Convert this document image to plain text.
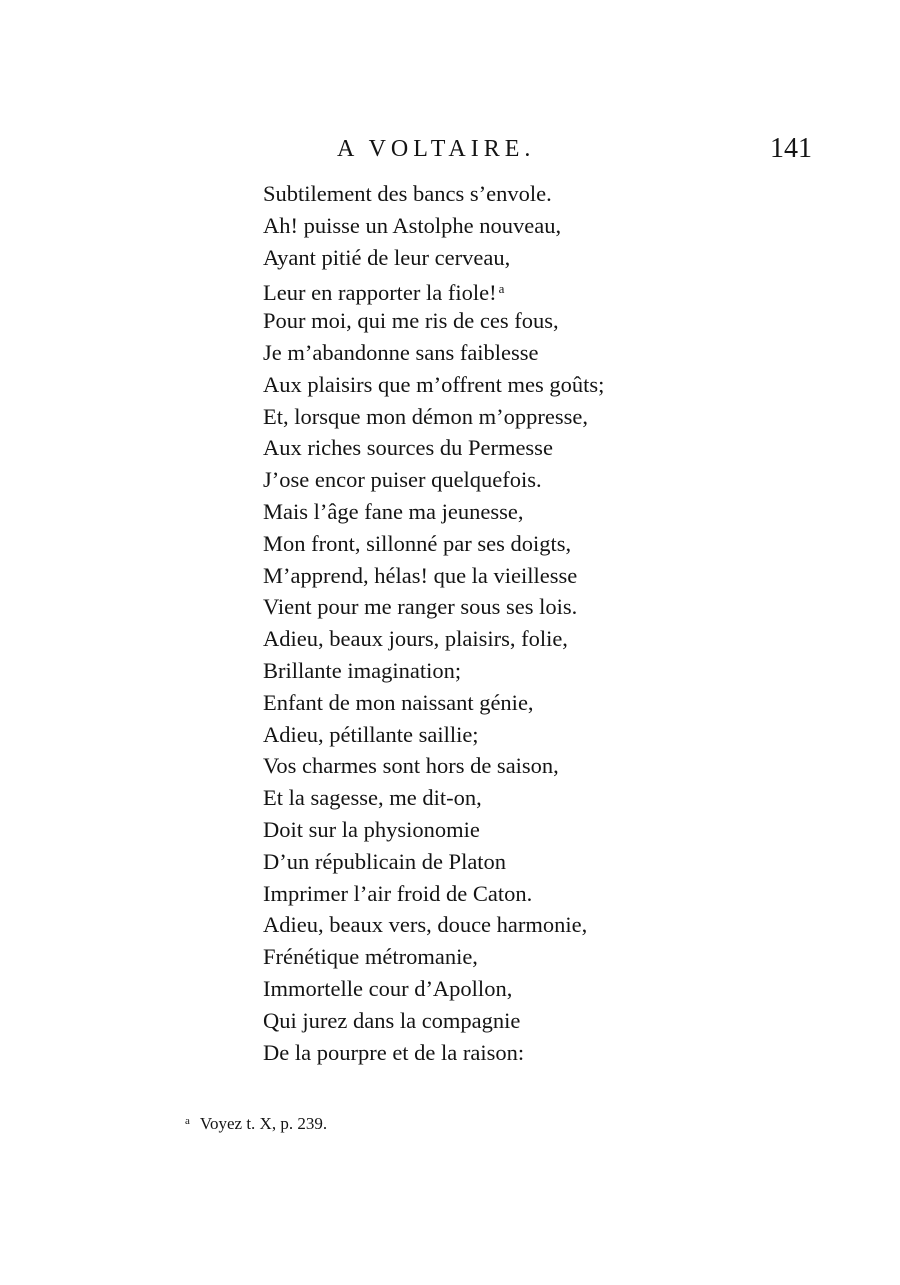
A VOLTAIRE.	141
Subtilement des bancs s’envole.
Ah! puisse un Astolphe nouveau,
Ayant pitié de leur cerveau,
Leur en rapporter la fiole! $^a$
Pour moi, qui me ris de ces fous,
Je m’abandonne sans faiblesse
Aux plaisirs que m’offrent mes goûts;
Et, lorsque mon démon m’oppresse,
Aux riches sources du Permesse
J’ose encor puiser quelquefois.
Mais l’âge fane ma jeunesse,
Mon front, sillonné par ses doigts,
M’apprend, hélas! que la vieillesse
Vient pour me ranger sous ses lois.
Adieu, beaux jours, plaisirs, folie,
Brillante imagination;
Enfant de mon naissant génie,
Adieu, pétillante saillie;
Vos charmes sont hors de saison,
Et la sagesse, me dit-on,
Doit sur la physionomie
D’un républicain de Platon
Imprimer l’air froid de Caton.
Adieu, beaux vers, douce harmonie,
Frénétique métromanie,
Immortelle cour d’Apollon,
Qui jurez dans la compagnie
De la pourpre et de la raison:
$^a$ Voyez t. X, p. 239.
